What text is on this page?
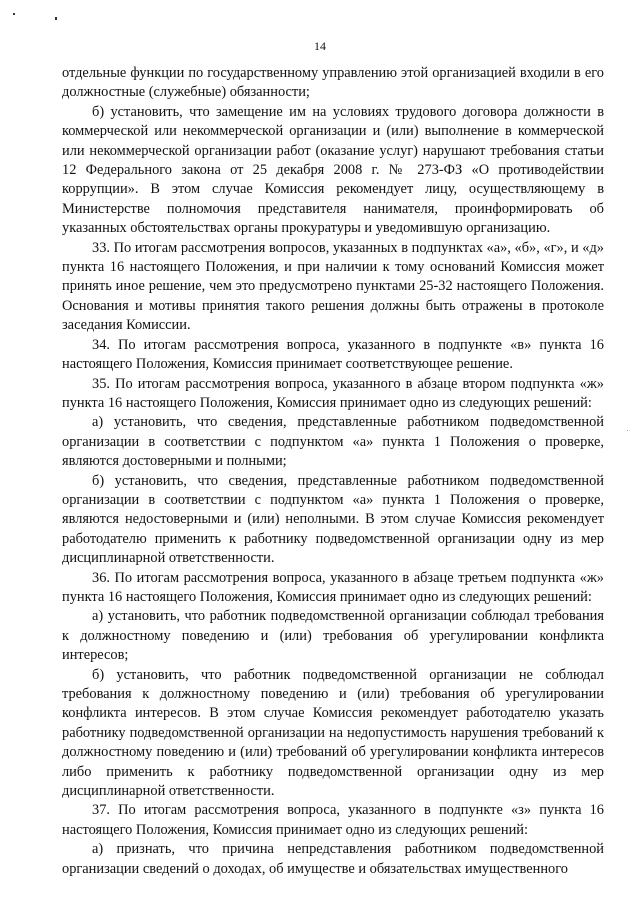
14

отдельные функции по государственному управлению этой организацией входили в его должностные (служебные) обязанности;

б) установить, что замещение им на условиях трудового договора должности в коммерческой или некоммерческой организации и (или) выполнение в коммерческой или некоммерческой организации работ (оказание услуг) нарушают требования статьи 12 Федерального закона от 25 декабря 2008 г. № 273-ФЗ «О противодействии коррупции». В этом случае Комиссия рекомендует лицу, осуществляющему в Министерстве полномочия представителя нанимателя, проинформировать об указанных обстоятельствах органы прокуратуры и уведомившую организацию.

33. По итогам рассмотрения вопросов, указанных в подпунктах «а», «б», «г», и «д» пункта 16 настоящего Положения, и при наличии к тому оснований Комиссия может принять иное решение, чем это предусмотрено пунктами 25-32 настоящего Положения. Основания и мотивы принятия такого решения должны быть отражены в протоколе заседания Комиссии.

34. По итогам рассмотрения вопроса, указанного в подпункте «в» пункта 16 настоящего Положения, Комиссия принимает соответствующее решение.

35. По итогам рассмотрения вопроса, указанного в абзаце втором подпункта «ж» пункта 16 настоящего Положения, Комиссия принимает одно из следующих решений:

а) установить, что сведения, представленные работником подведомственной организации в соответствии с подпунктом «а» пункта 1 Положения о проверке, являются достоверными и полными;

б) установить, что сведения, представленные работником подведомственной организации в соответствии с подпунктом «а» пункта 1 Положения о проверке, являются недостоверными и (или) неполными. В этом случае Комиссия рекомендует работодателю применить к работнику подведомственной организации одну из мер дисциплинарной ответственности.

36. По итогам рассмотрения вопроса, указанного в абзаце третьем подпункта «ж» пункта 16 настоящего Положения, Комиссия принимает одно из следующих решений:

а) установить, что работник подведомственной организации соблюдал требования к должностному поведению и (или) требования об урегулировании конфликта интересов;

б) установить, что работник подведомственной организации не соблюдал требования к должностному поведению и (или) требования об урегулировании конфликта интересов. В этом случае Комиссия рекомендует работодателю указать работнику подведомственной организации на недопустимость нарушения требований к должностному поведению и (или) требований об урегулировании конфликта интересов либо применить к работнику подведомственной организации одну из мер дисциплинарной ответственности.

37. По итогам рассмотрения вопроса, указанного в подпункте «з» пункта 16 настоящего Положения, Комиссия принимает одно из следующих решений:

а) признать, что причина непредставления работником подведомственной организации сведений о доходах, об имуществе и обязательствах имущественного
